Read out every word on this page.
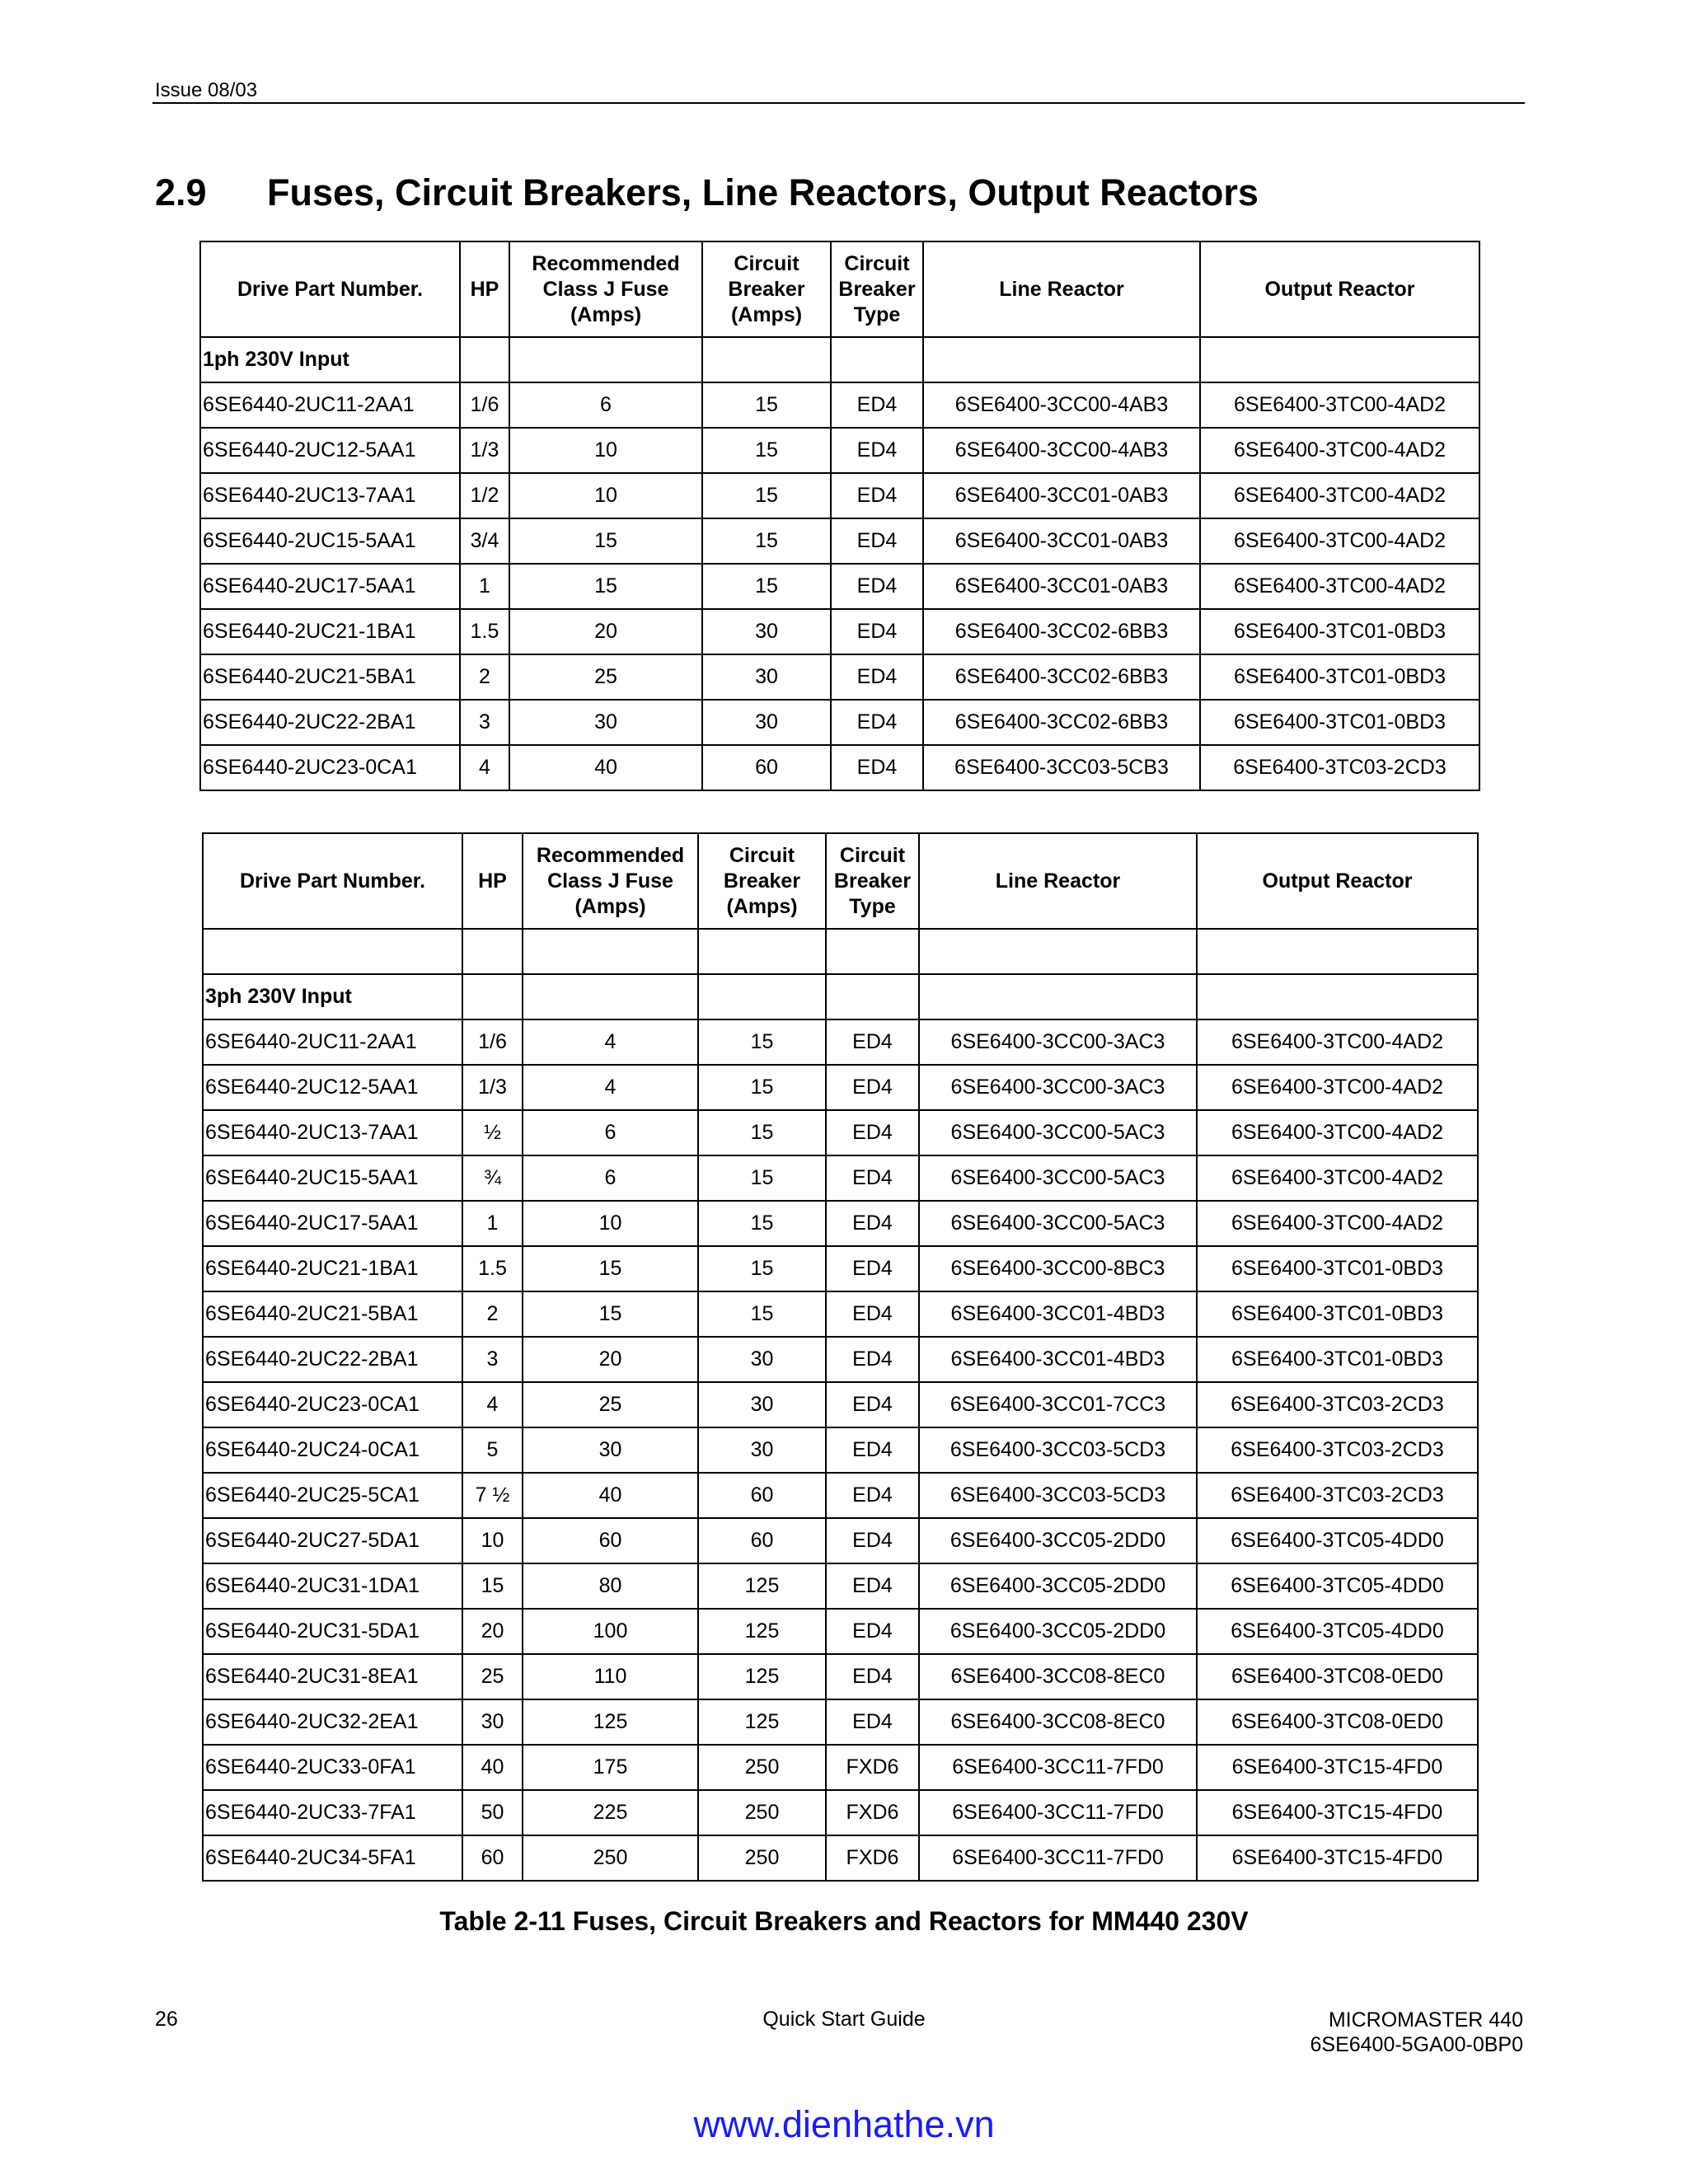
Issue 08/03
2.9 Fuses, Circuit Breakers, Line Reactors, Output Reactors
Drive Part Number.	HP	Recommended Class J Fuse (Amps)	Circuit Breaker (Amps)	Circuit Breaker Type	Line Reactor	Output Reactor
1ph 230V Input						
6SE6440-2UC11-2AA1	1/6	6	15	ED4	6SE6400-3CC00-4AB3	6SE6400-3TC00-4AD2
6SE6440-2UC12-5AA1	1/3	10	15	ED4	6SE6400-3CC00-4AB3	6SE6400-3TC00-4AD2
6SE6440-2UC13-7AA1	1/2	10	15	ED4	6SE6400-3CC01-0AB3	6SE6400-3TC00-4AD2
6SE6440-2UC15-5AA1	3/4	15	15	ED4	6SE6400-3CC01-0AB3	6SE6400-3TC00-4AD2
6SE6440-2UC17-5AA1	1	15	15	ED4	6SE6400-3CC01-0AB3	6SE6400-3TC00-4AD2
6SE6440-2UC21-1BA1	1.5	20	30	ED4	6SE6400-3CC02-6BB3	6SE6400-3TC01-0BD3
6SE6440-2UC21-5BA1	2	25	30	ED4	6SE6400-3CC02-6BB3	6SE6400-3TC01-0BD3
6SE6440-2UC22-2BA1	3	30	30	ED4	6SE6400-3CC02-6BB3	6SE6400-3TC01-0BD3
6SE6440-2UC23-0CA1	4	40	60	ED4	6SE6400-3CC03-5CB3	6SE6400-3TC03-2CD3
Drive Part Number.	HP	Recommended Class J Fuse (Amps)	Circuit Breaker (Amps)	Circuit Breaker Type	Line Reactor	Output Reactor

3ph 230V Input						
6SE6440-2UC11-2AA1	1/6	4	15	ED4	6SE6400-3CC00-3AC3	6SE6400-3TC00-4AD2
6SE6440-2UC12-5AA1	1/3	4	15	ED4	6SE6400-3CC00-3AC3	6SE6400-3TC00-4AD2
6SE6440-2UC13-7AA1	½	6	15	ED4	6SE6400-3CC00-5AC3	6SE6400-3TC00-4AD2
6SE6440-2UC15-5AA1	¾	6	15	ED4	6SE6400-3CC00-5AC3	6SE6400-3TC00-4AD2
6SE6440-2UC17-5AA1	1	10	15	ED4	6SE6400-3CC00-5AC3	6SE6400-3TC00-4AD2
6SE6440-2UC21-1BA1	1.5	15	15	ED4	6SE6400-3CC00-8BC3	6SE6400-3TC01-0BD3
6SE6440-2UC21-5BA1	2	15	15	ED4	6SE6400-3CC01-4BD3	6SE6400-3TC01-0BD3
6SE6440-2UC22-2BA1	3	20	30	ED4	6SE6400-3CC01-4BD3	6SE6400-3TC01-0BD3
6SE6440-2UC23-0CA1	4	25	30	ED4	6SE6400-3CC01-7CC3	6SE6400-3TC03-2CD3
6SE6440-2UC24-0CA1	5	30	30	ED4	6SE6400-3CC03-5CD3	6SE6400-3TC03-2CD3
6SE6440-2UC25-5CA1	7 ½	40	60	ED4	6SE6400-3CC03-5CD3	6SE6400-3TC03-2CD3
6SE6440-2UC27-5DA1	10	60	60	ED4	6SE6400-3CC05-2DD0	6SE6400-3TC05-4DD0
6SE6440-2UC31-1DA1	15	80	125	ED4	6SE6400-3CC05-2DD0	6SE6400-3TC05-4DD0
6SE6440-2UC31-5DA1	20	100	125	ED4	6SE6400-3CC05-2DD0	6SE6400-3TC05-4DD0
6SE6440-2UC31-8EA1	25	110	125	ED4	6SE6400-3CC08-8EC0	6SE6400-3TC08-0ED0
6SE6440-2UC32-2EA1	30	125	125	ED4	6SE6400-3CC08-8EC0	6SE6400-3TC08-0ED0
6SE6440-2UC33-0FA1	40	175	250	FXD6	6SE6400-3CC11-7FD0	6SE6400-3TC15-4FD0
6SE6440-2UC33-7FA1	50	225	250	FXD6	6SE6400-3CC11-7FD0	6SE6400-3TC15-4FD0
6SE6440-2UC34-5FA1	60	250	250	FXD6	6SE6400-3CC11-7FD0	6SE6400-3TC15-4FD0
Table 2-11 Fuses, Circuit Breakers and Reactors for MM440 230V
26	Quick Start Guide	MICROMASTER 440
6SE6400-5GA00-0BP0
www.dienhathe.vn
